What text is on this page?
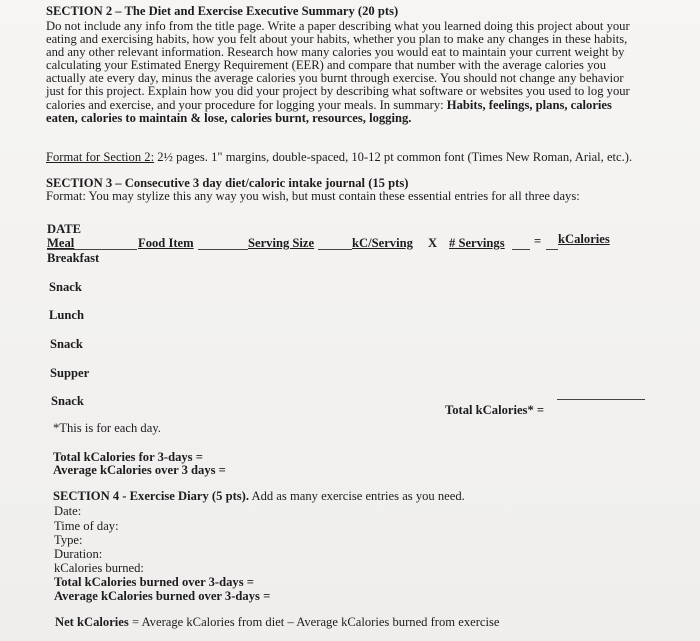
SECTION 2 – The Diet and Exercise Executive Summary (20 pts)

Do not include any info from the title page. Write a paper describing what you learned doing this project about your
eating and exercising habits, how you felt about your habits, whether you plan to make any changes in these habits,
and any other relevant information. Research how many calories you would eat to maintain your current weight by
calculating your Estimated Energy Requirement (EER) and compare that number with the average calories you
actually ate every day, minus the average calories you burnt through exercise. You should not change any behavior
just for this project. Explain how you did your project by describing what software or websites you used to log your
calories and exercise, and your procedure for logging your meals. In summary: Habits, feelings, plans, calories
eaten, calories to maintain & lose, calories burnt, resources, logging.

Format for Section 2: 2½ pages. 1" margins, double-spaced, 10-12 pt common font (Times New Roman, Arial, etc.).

SECTION 3 – Consecutive 3 day diet/caloric intake journal (15 pts)

Format: You may stylize this any way you wish, but must contain these essential entries for all three days:

DATE

Meal	Food Item	Serving Size	kC/Serving X # Servings = kCalories

Breakfast

Snack

Lunch

Snack

Supper

Snack

Total kCalories* =

*This is for each day.

Total kCalories for 3-days =

Average kCalories over 3 days =

SECTION 4 - Exercise Diary (5 pts). Add as many exercise entries as you need.

Date:

Time of day:

Type:

Duration:

kCalories burned:

Total kCalories burned over 3-days =

Average kCalories burned over 3-days =

Net kCalories = Average kCalories from diet – Average kCalories burned from exercise
